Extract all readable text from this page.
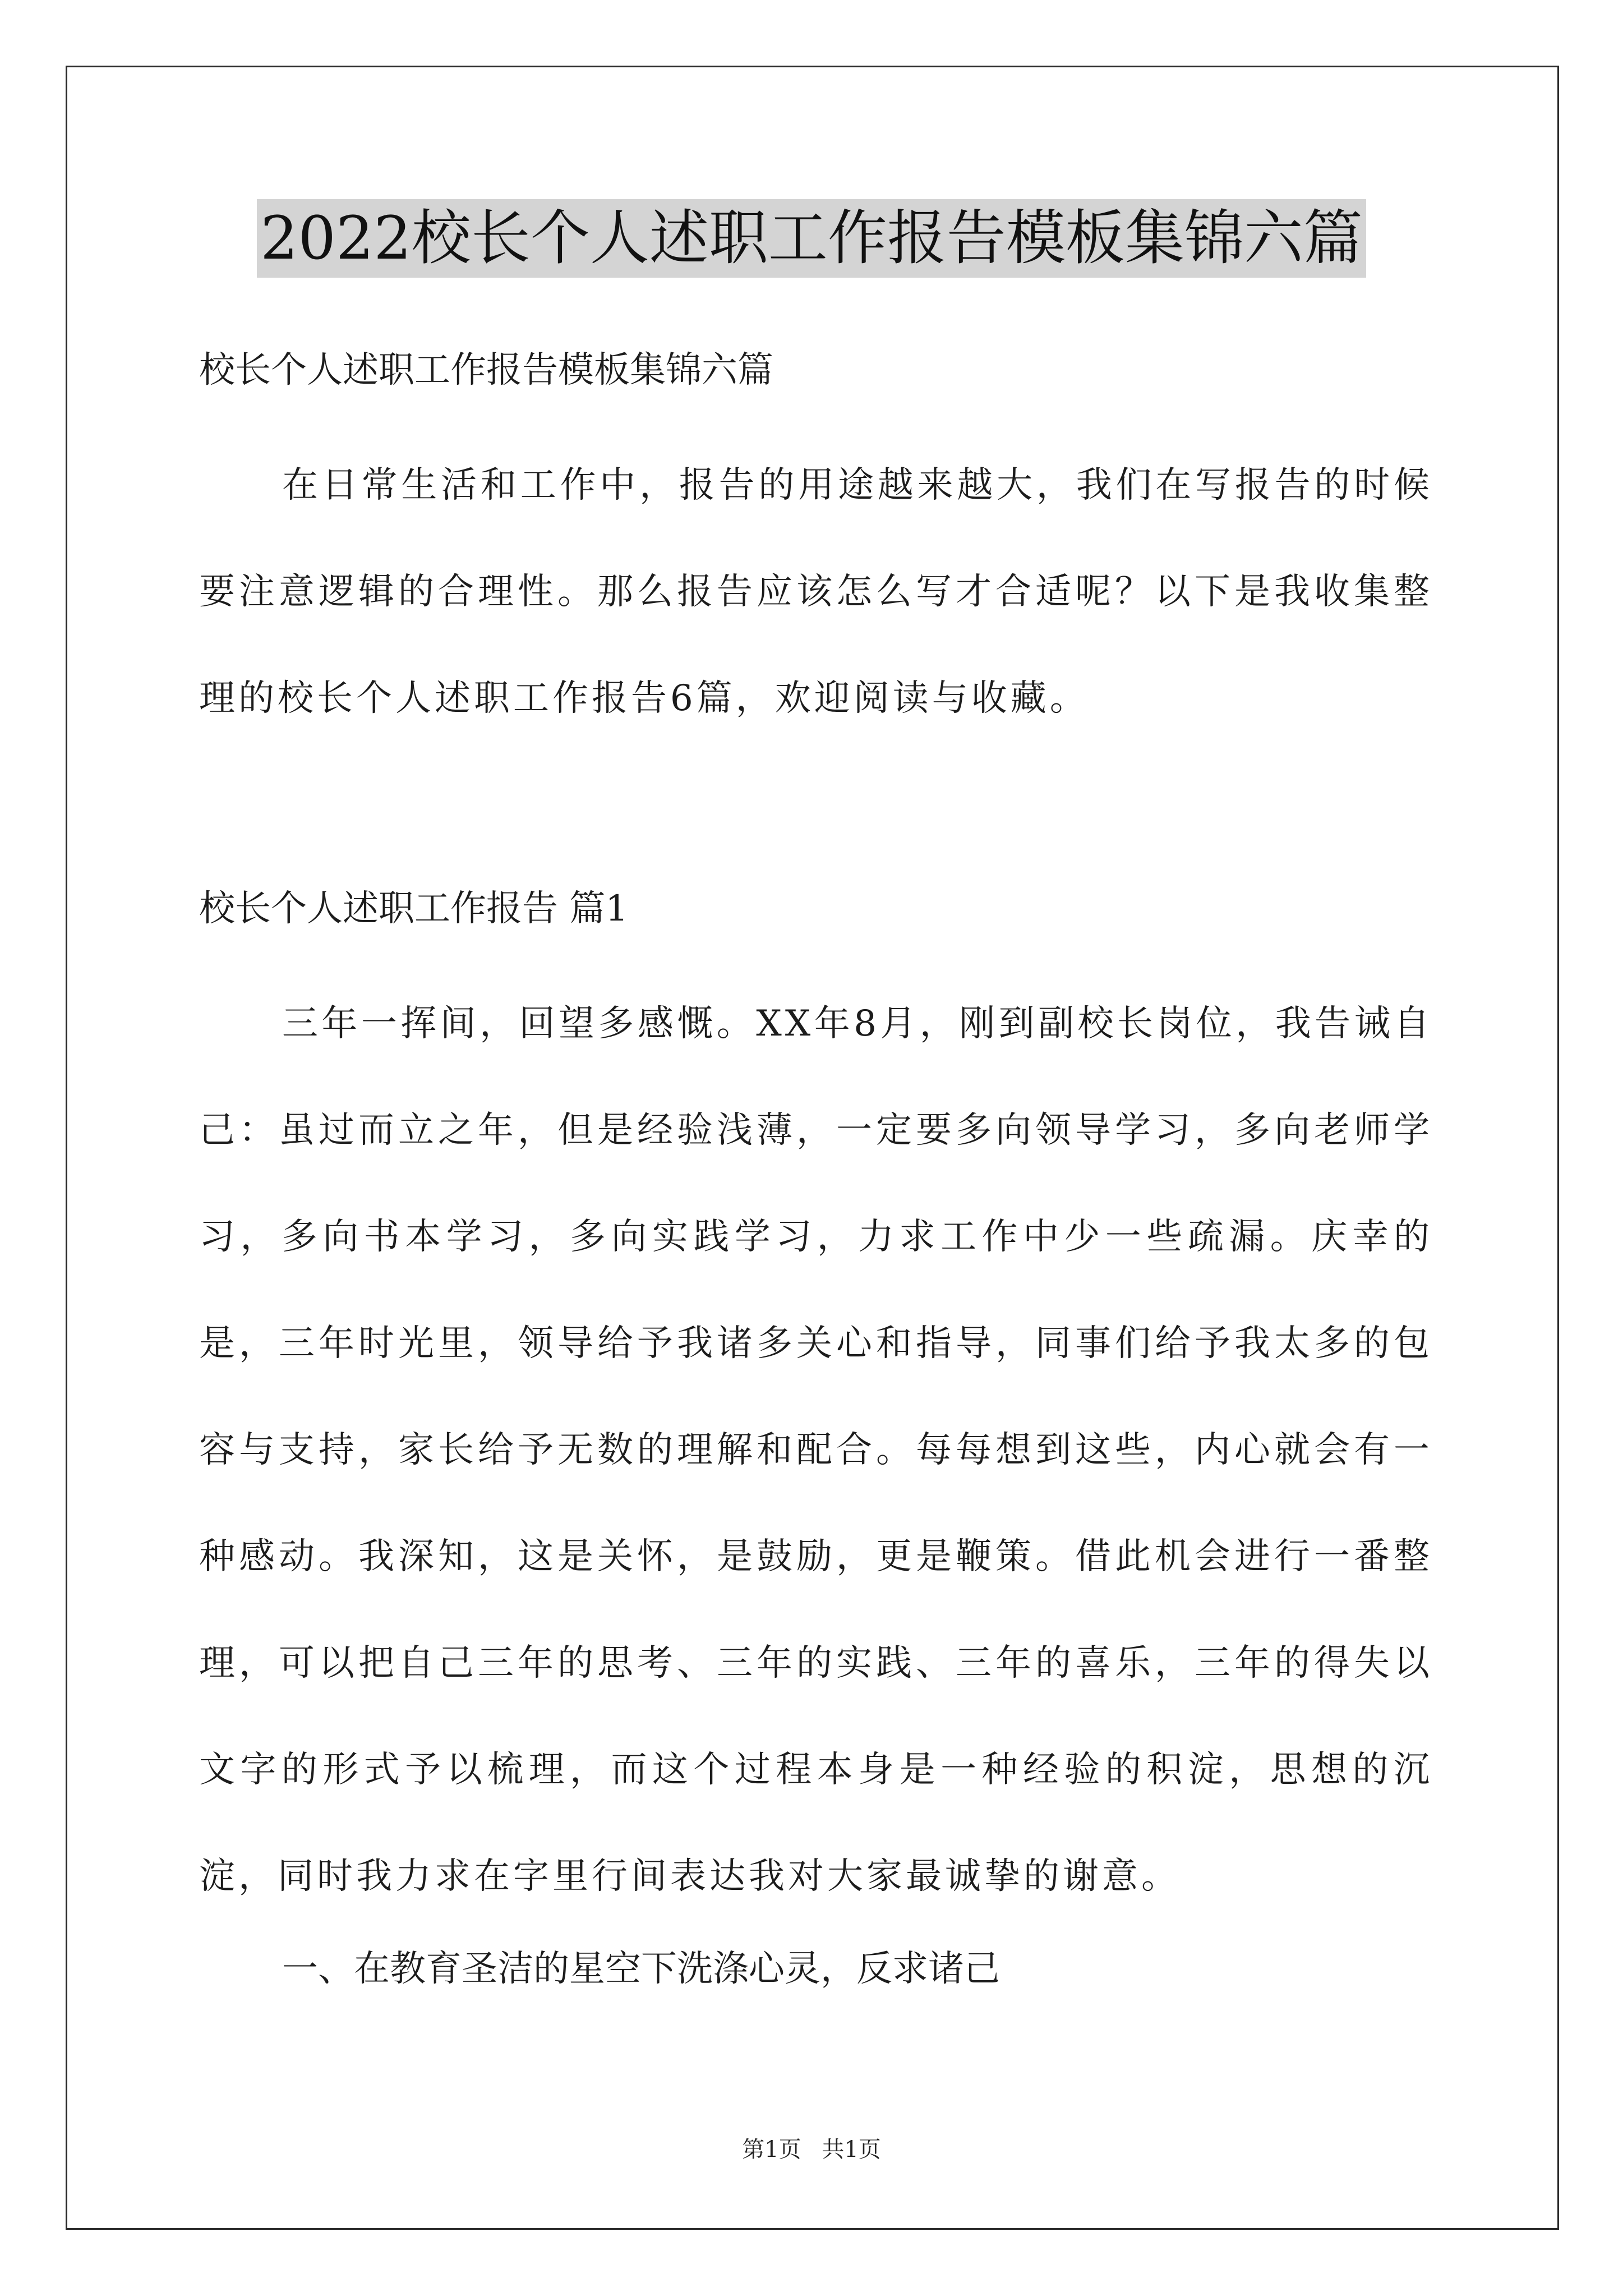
2022校长个人述职工作报告模板集锦六篇
校长个人述职工作报告模板集锦六篇
在日常生活和工作中，报告的用途越来越大，我们在写报告的时候要注意逻辑的合理性。那么报告应该怎么写才合适呢？以下是我收集整理的校长个人述职工作报告6篇，欢迎阅读与收藏。
校长个人述职工作报告 篇1
三年一挥间，回望多感慨。XX年8月，刚到副校长岗位，我告诫自己：虽过而立之年，但是经验浅薄，一定要多向领导学习，多向老师学习，多向书本学习，多向实践学习，力求工作中少一些疏漏。庆幸的是，三年时光里，领导给予我诸多关心和指导，同事们给予我太多的包容与支持，家长给予无数的理解和配合。每每想到这些，内心就会有一种感动。我深知，这是关怀，是鼓励，更是鞭策。借此机会进行一番整理，可以把自己三年的思考、三年的实践、三年的喜乐，三年的得失以文字的形式予以梳理，而这个过程本身是一种经验的积淀，思想的沉淀，同时我力求在字里行间表达我对大家最诚挚的谢意。
一、在教育圣洁的星空下洗涤心灵，反求诸己
第1页 共1页
